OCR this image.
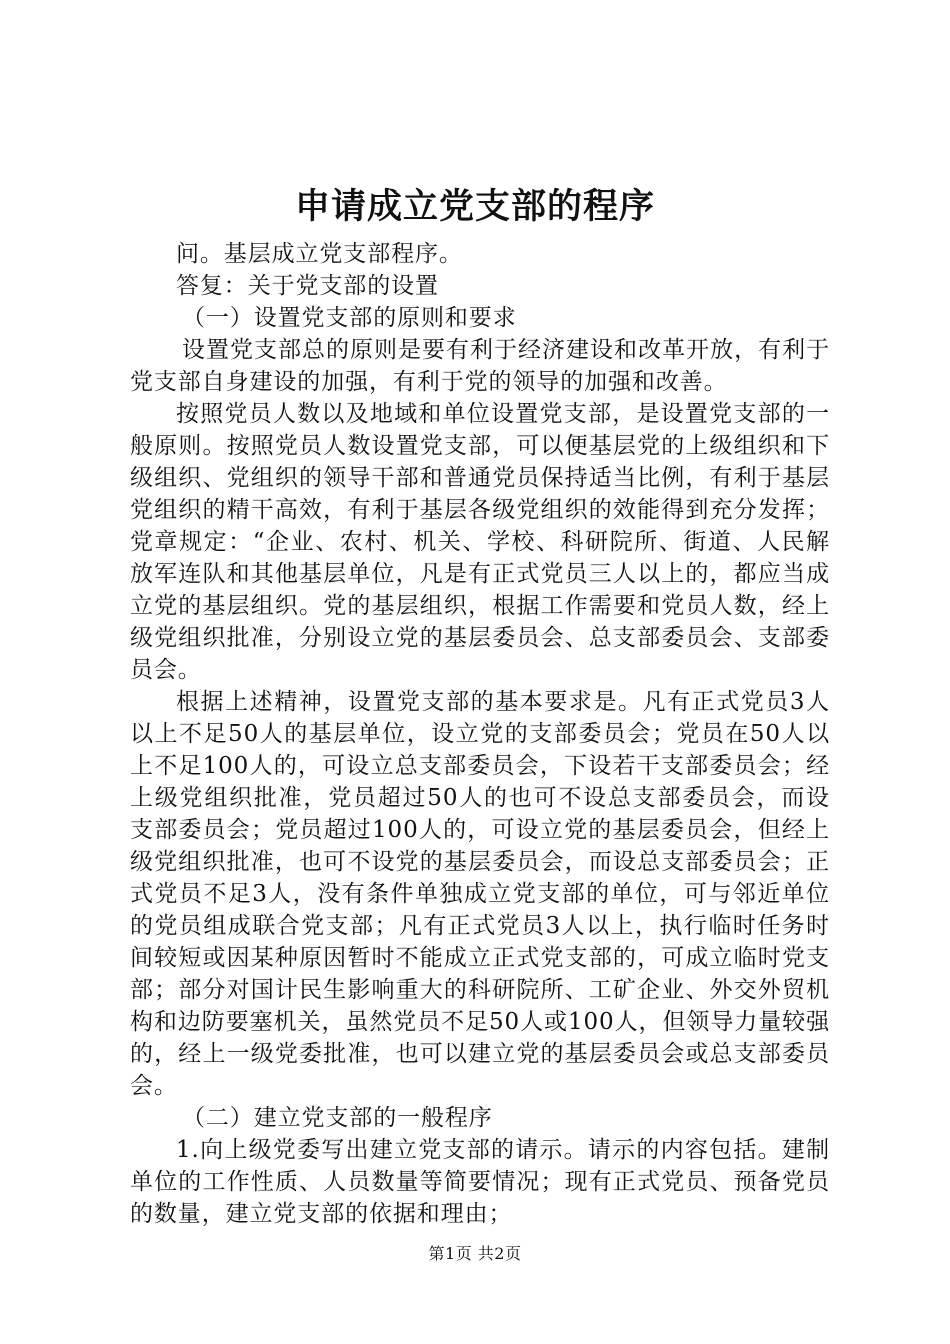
申请成立党支部的程序

问。基层成立党支部程序。

答复：关于党支部的设置

（一）设置党支部的原则和要求

设置党支部总的原则是要有利于经济建设和改革开放，有利于党支部自身建设的加强，有利于党的领导的加强和改善。

按照党员人数以及地域和单位设置党支部，是设置党支部的一般原则。按照党员人数设置党支部，可以便基层党的上级组织和下级组织、党组织的领导干部和普通党员保持适当比例，有利于基层党组织的精干高效，有利于基层各级党组织的效能得到充分发挥；党章规定：“企业、农村、机关、学校、科研院所、街道、人民解放军连队和其他基层单位，凡是有正式党员三人以上的，都应当成立党的基层组织。党的基层组织，根据工作需要和党员人数，经上级党组织批准，分别设立党的基层委员会、总支部委员会、支部委员会。

根据上述精神，设置党支部的基本要求是。凡有正式党员3人以上不足50人的基层单位，设立党的支部委员会；党员在50人以上不足100人的，可设立总支部委员会，下设若干支部委员会；经上级党组织批准，党员超过50人的也可不设总支部委员会，而设支部委员会；党员超过100人的，可设立党的基层委员会，但经上级党组织批准，也可不设党的基层委员会，而设总支部委员会；正式党员不足3人，没有条件单独成立党支部的单位，可与邻近单位的党员组成联合党支部；凡有正式党员3人以上，执行临时任务时间较短或因某种原因暂时不能成立正式党支部的，可成立临时党支部；部分对国计民生影响重大的科研院所、工矿企业、外交外贸机构和边防要塞机关，虽然党员不足50人或100人，但领导力量较强的，经上一级党委批准，也可以建立党的基层委员会或总支部委员会。

（二）建立党支部的一般程序

1.向上级党委写出建立党支部的请示。请示的内容包括。建制单位的工作性质、人员数量等简要情况；现有正式党员、预备党员的数量，建立党支部的依据和理由；

第1页 共2页
